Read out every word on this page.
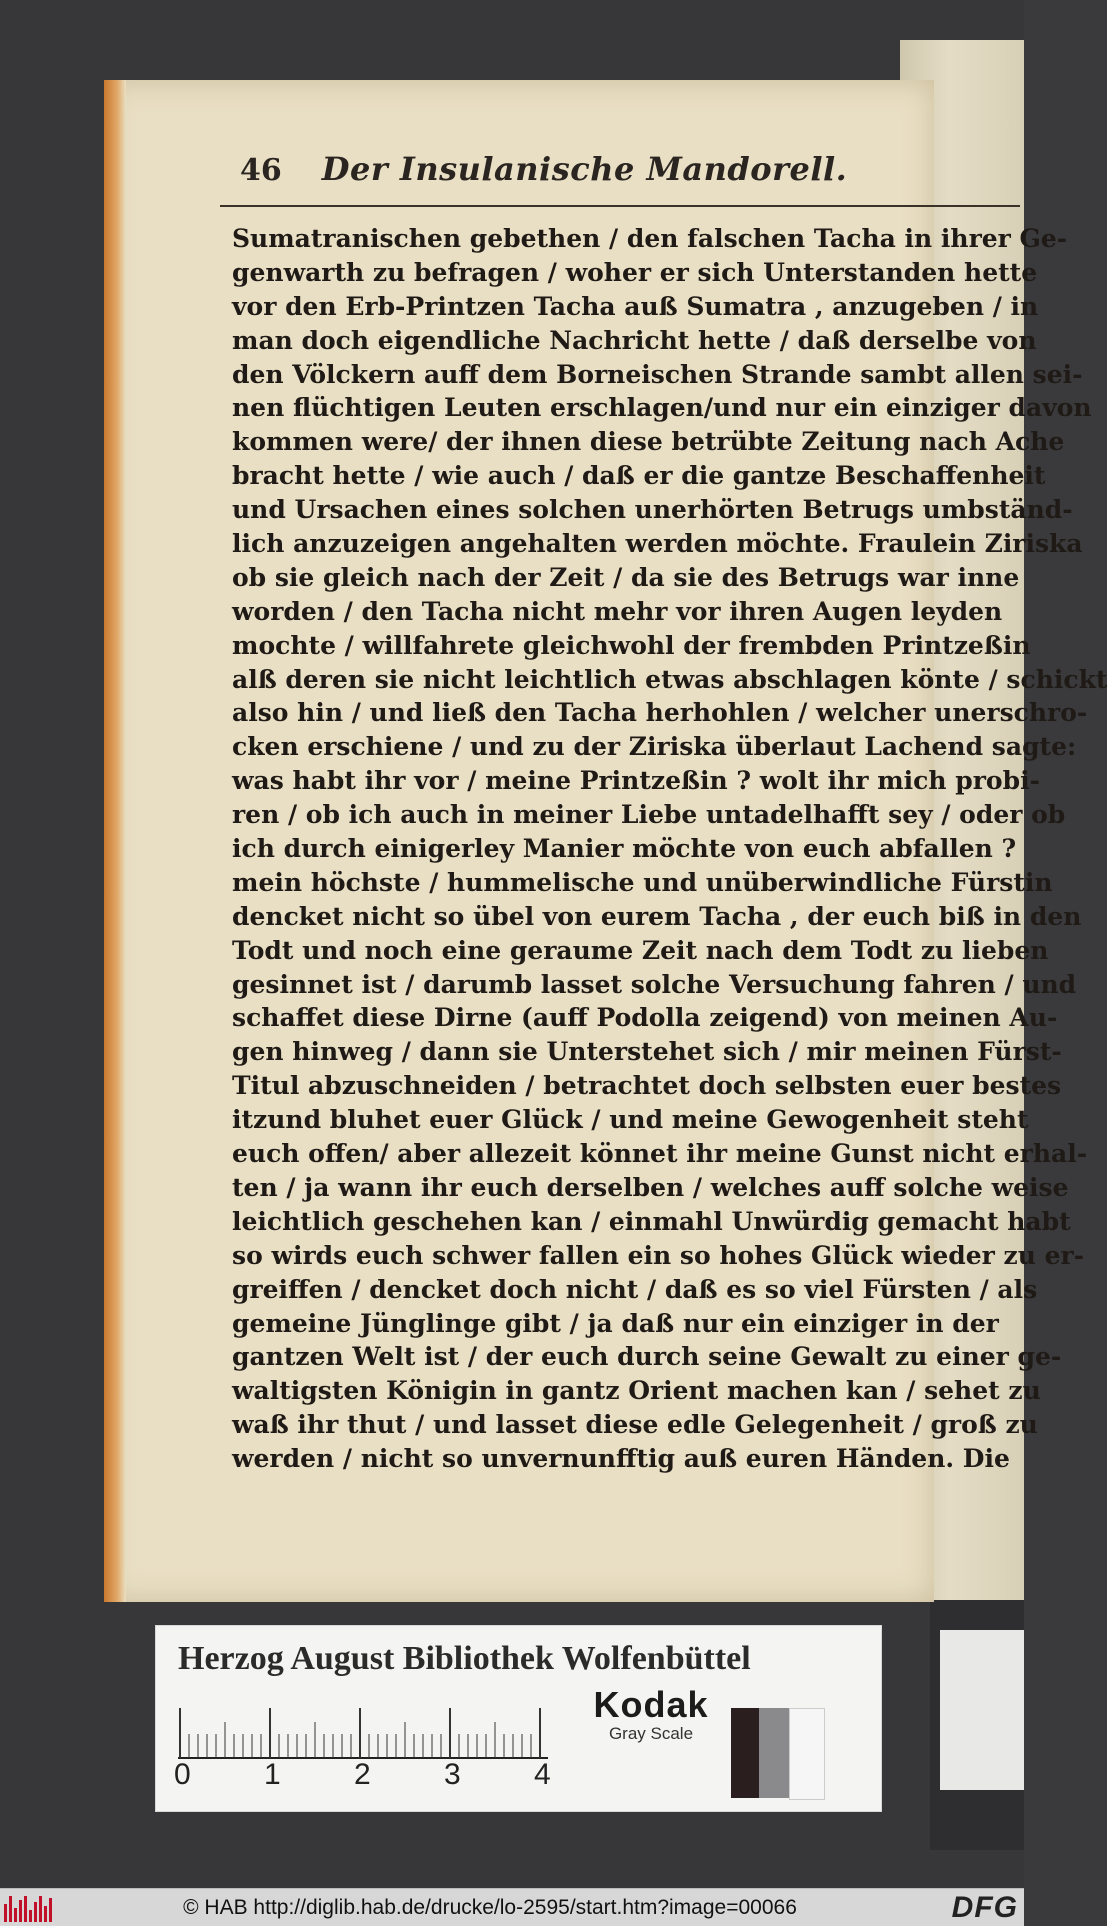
46 Der Insulanische Mandorell.
Sumatranischen gebethen / den falschen Tacha in ihrer Ge-
genwarth zu befragen / woher er sich Unterstanden hette
vor den Erb-Printzen Tacha auß Sumatra , anzugeben / in
man doch eigendliche Nachricht hette / daß derselbe von
den Völckern auff dem Borneischen Strande sambt allen sei-
nen flüchtigen Leuten erschlagen/und nur ein einziger davon
kommen were/ der ihnen diese betrübte Zeitung nach Ache
bracht hette / wie auch / daß er die gantze Beschaffenheit
und Ursachen eines solchen unerhörten Betrugs umbständ-
lich anzuzeigen angehalten werden möchte. Fraulein Ziriska
ob sie gleich nach der Zeit / da sie des Betrugs war inne
worden / den Tacha nicht mehr vor ihren Augen leyden
mochte / willfahrete gleichwohl der frembden Printzeßin
alß deren sie nicht leichtlich etwas abschlagen könte / schickt
also hin / und ließ den Tacha herhohlen / welcher unerschro-
cken erschiene / und zu der Ziriska überlaut Lachend sagte:
was habt ihr vor / meine Printzeßin ? wolt ihr mich probi-
ren / ob ich auch in meiner Liebe untadelhafft sey / oder ob
ich durch einigerley Manier möchte von euch abfallen ?
mein höchste / hummelische und unüberwindliche Fürstin
dencket nicht so übel von eurem Tacha , der euch biß in den
Todt und noch eine geraume Zeit nach dem Todt zu lieben
gesinnet ist / darumb lasset solche Versuchung fahren / und
schaffet diese Dirne (auff Podolla zeigend) von meinen Au-
gen hinweg / dann sie Unterstehet sich / mir meinen Fürst-
Titul abzuschneiden / betrachtet doch selbsten euer bestes
itzund bluhet euer Glück / und meine Gewogenheit steht
euch offen/ aber allezeit könnet ihr meine Gunst nicht erhal-
ten / ja wann ihr euch derselben / welches auff solche weise
leichtlich geschehen kan / einmahl Unwürdig gemacht habt
so wirds euch schwer fallen ein so hohes Glück wieder zu er-
greiffen / dencket doch nicht / daß es so viel Fürsten / als
gemeine Jünglinge gibt / ja daß nur ein einziger in der
gantzen Welt ist / der euch durch seine Gewalt zu einer ge-
waltigsten Königin in gantz Orient machen kan / sehet zu
waß ihr thut / und lasset diese edle Gelegenheit / groß zu
werden / nicht so unvernunfftig auß euren Händen. Die
Herzog August Bibliothek Wolfenbüttel
0 1 2 3 4
Kodak
Gray Scale
© HAB http://diglib.hab.de/drucke/lo-2595/start.htm?image=00066	DFG
